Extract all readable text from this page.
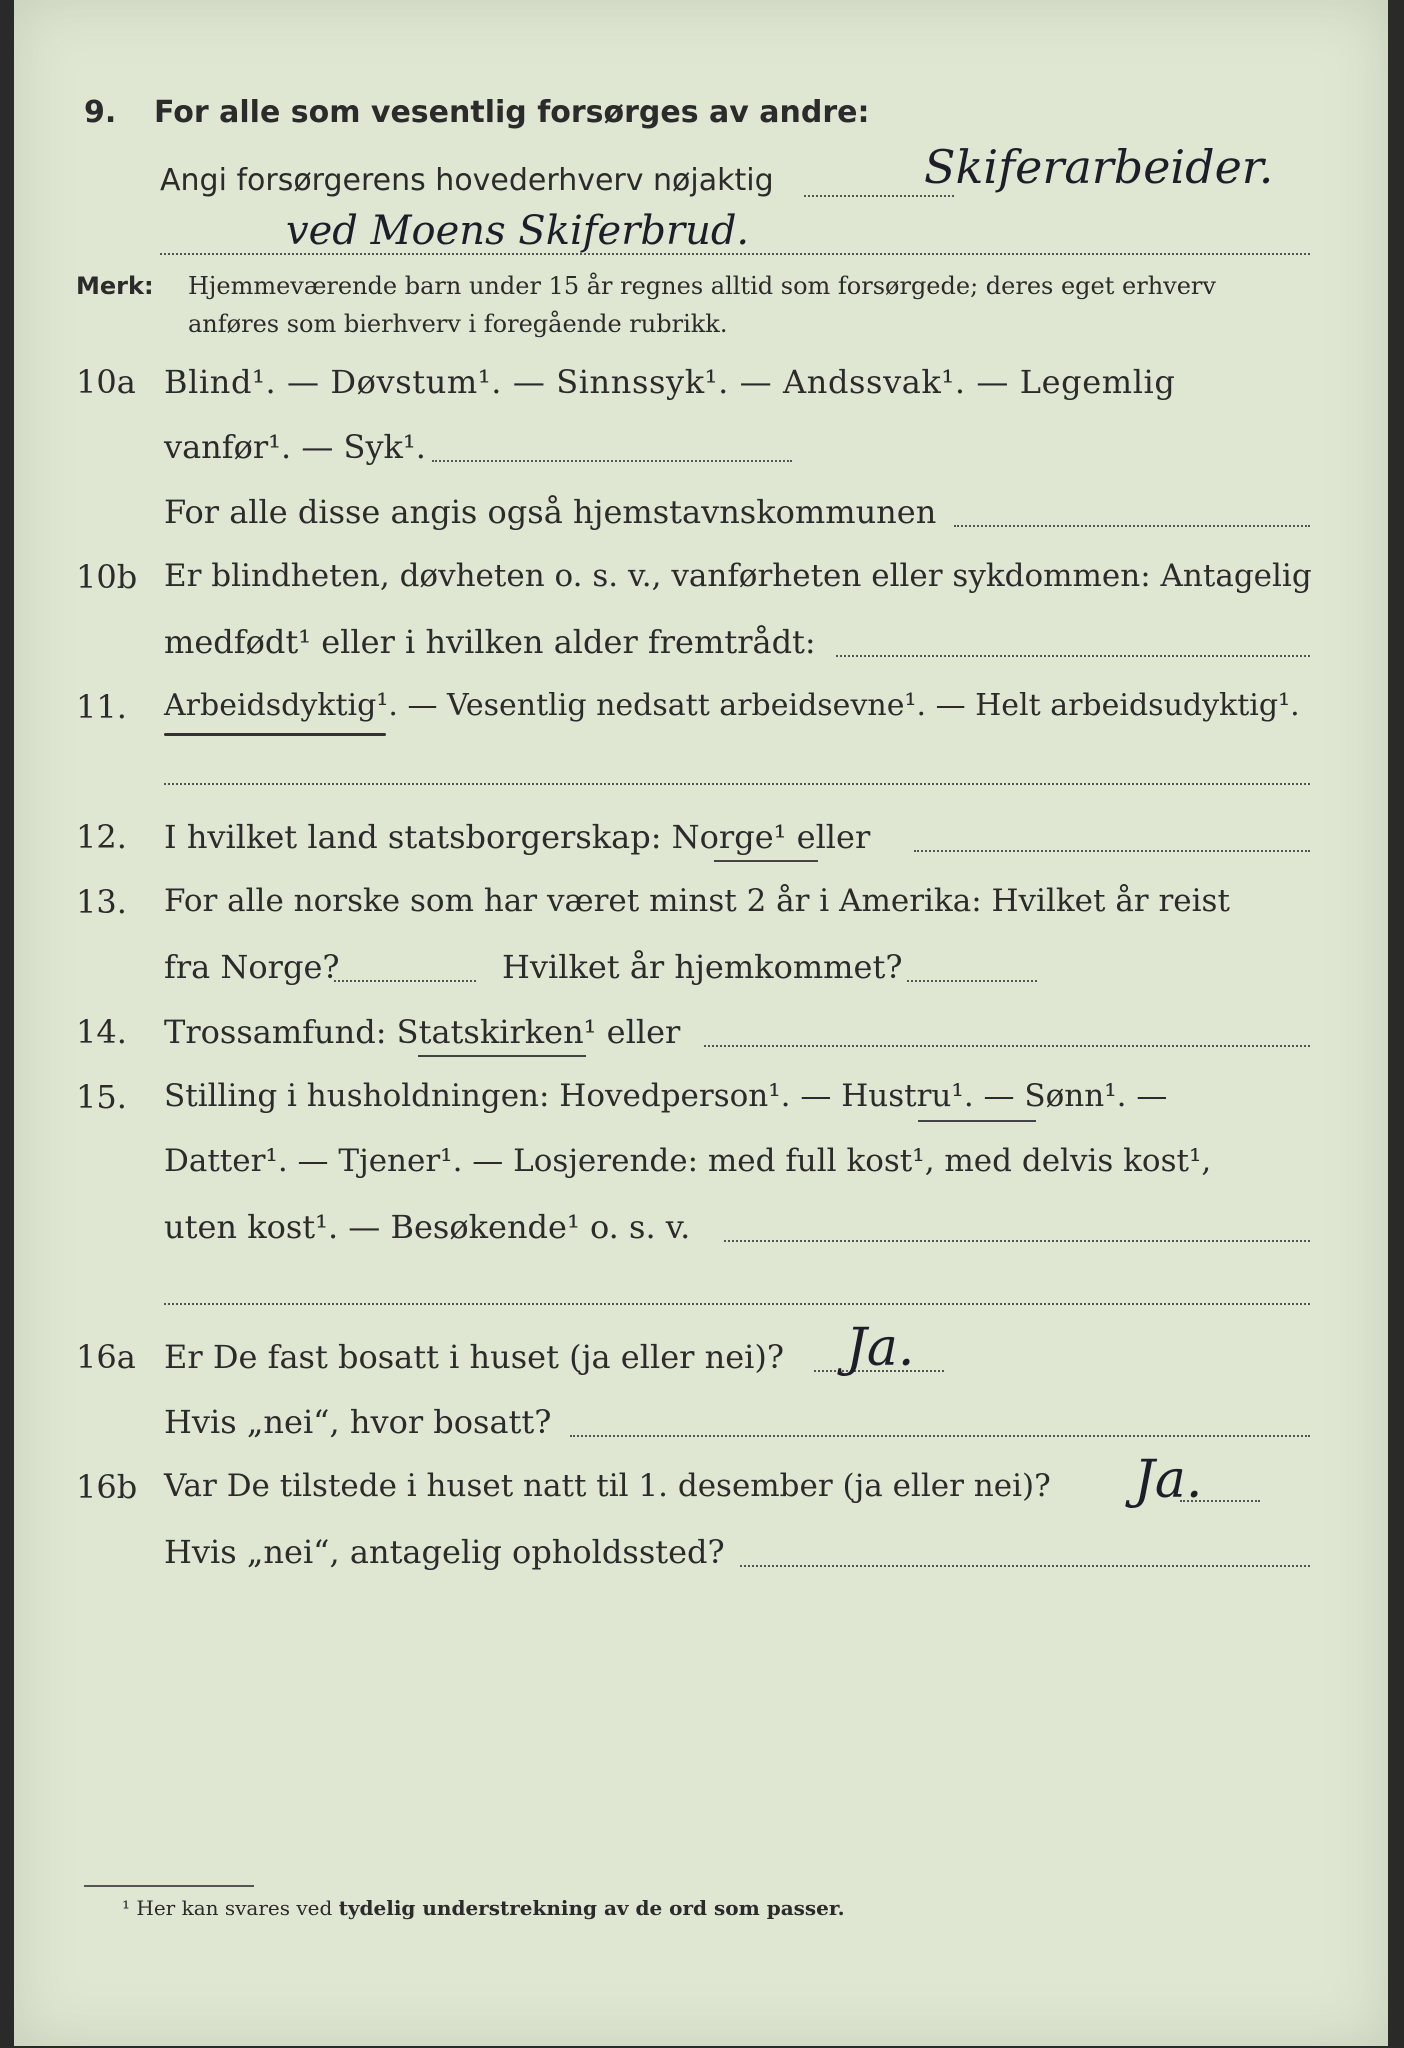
9. For alle som vesentlig forsørges av andre:
Angi forsørgerens hovederhverv nøjaktig	Skiferarbeider.
ved Moens Skiferbrud.
Merk: Hjemmeværende barn under 15 år regnes alltid som forsørgede; deres eget erhverv
anføres som bierhverv i foregående rubrikk.
10a Blind¹. — Døvstum¹. — Sinnssyk¹. — Andssvak¹. — Legemlig
vanfør¹. — Syk¹.
For alle disse angis også hjemstavnskommunen
10b Er blindheten, døvheten o. s. v., vanførheten eller sykdommen: Antagelig
medfødt¹ eller i hvilken alder fremtrådt:
11. Arbeidsdyktig¹. — Vesentlig nedsatt arbeidsevne¹. — Helt arbeidsudyktig¹.
12. I hvilket land statsborgerskap: Norge¹ eller
13. For alle norske som har været minst 2 år i Amerika: Hvilket år reist
fra Norge?	Hvilket år hjemkommet?
14. Trossamfund: Statskirken¹ eller
15. Stilling i husholdningen: Hovedperson¹. — Hustru¹. — Sønn¹. —
Datter¹. — Tjener¹. — Losjerende: med full kost¹, med delvis kost¹,
uten kost¹. — Besøkende¹ o. s. v.
16a Er De fast bosatt i huset (ja eller nei)? Ja.
Hvis „nei“, hvor bosatt?
16b Var De tilstede i huset natt til 1. desember (ja eller nei)? Ja.
Hvis „nei“, antagelig opholdssted?
¹ Her kan svares ved tydelig understrekning av de ord som passer.
